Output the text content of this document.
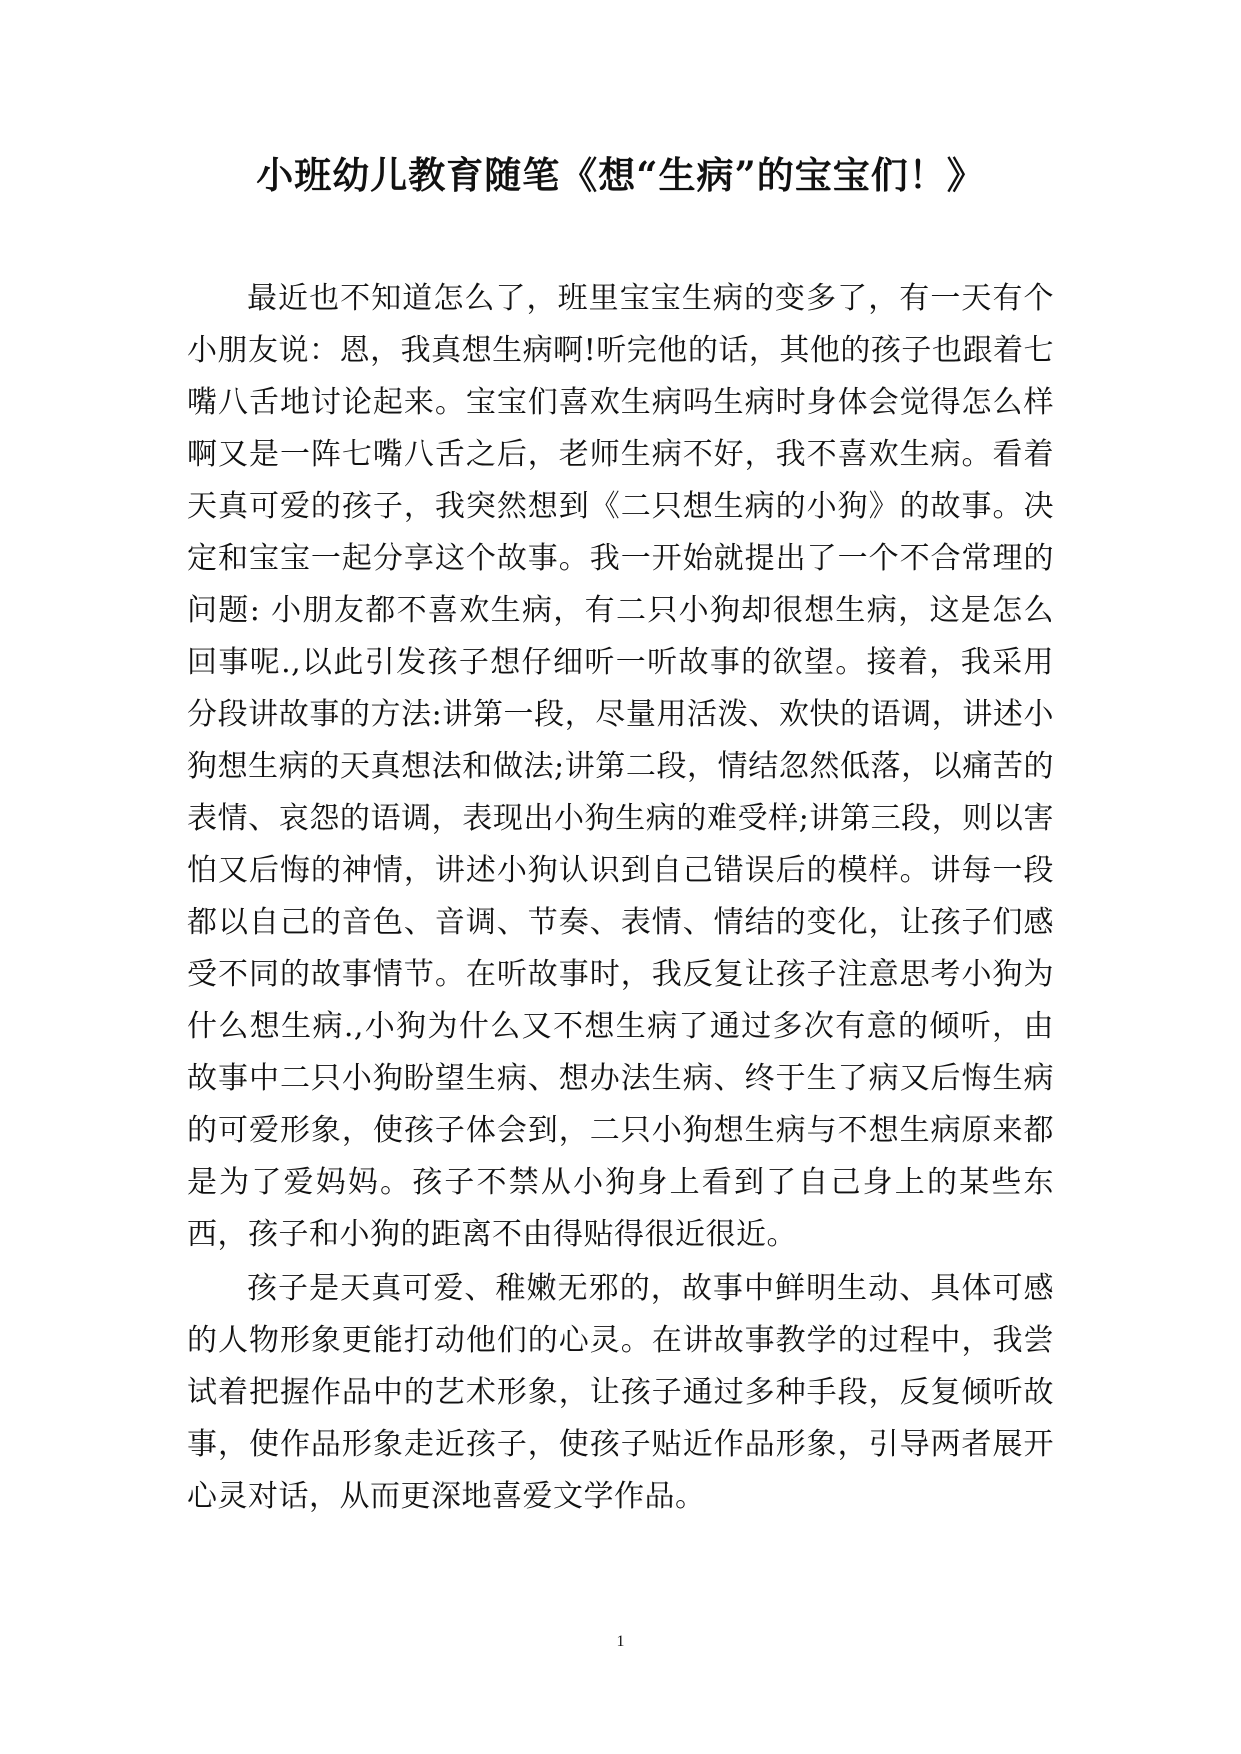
小班幼儿教育随笔《想“生病”的宝宝们！》

最近也不知道怎么了，班里宝宝生病的变多了，有一天有个小朋友说：恩，我真想生病啊!听完他的话，其他的孩子也跟着七嘴八舌地讨论起来。宝宝们喜欢生病吗生病时身体会觉得怎么样啊又是一阵七嘴八舌之后，老师生病不好，我不喜欢生病。看着天真可爱的孩子，我突然想到《二只想生病的小狗》的故事。决定和宝宝一起分享这个故事。我一开始就提出了一个不合常理的问题: 小朋友都不喜欢生病，有二只小狗却很想生病，这是怎么回事呢.,以此引发孩子想仔细听一听故事的欲望。接着，我采用分段讲故事的方法:讲第一段，尽量用活泼、欢快的语调，讲述小狗想生病的天真想法和做法;讲第二段，情结忽然低落，以痛苦的表情、哀怨的语调，表现出小狗生病的难受样;讲第三段，则以害怕又后悔的神情，讲述小狗认识到自己错误后的模样。讲每一段都以自己的音色、音调、节奏、表情、情结的变化，让孩子们感受不同的故事情节。在听故事时，我反复让孩子注意思考小狗为什么想生病.,小狗为什么又不想生病了通过多次有意的倾听，由故事中二只小狗盼望生病、想办法生病、终于生了病又后悔生病的可爱形象，使孩子体会到，二只小狗想生病与不想生病原来都是为了爱妈妈。孩子不禁从小狗身上看到了自己身上的某些东西，孩子和小狗的距离不由得贴得很近很近。

孩子是天真可爱、稚嫩无邪的，故事中鲜明生动、具体可感的人物形象更能打动他们的心灵。在讲故事教学的过程中，我尝试着把握作品中的艺术形象，让孩子通过多种手段，反复倾听故事，使作品形象走近孩子，使孩子贴近作品形象，引导两者展开心灵对话，从而更深地喜爱文学作品。

1
